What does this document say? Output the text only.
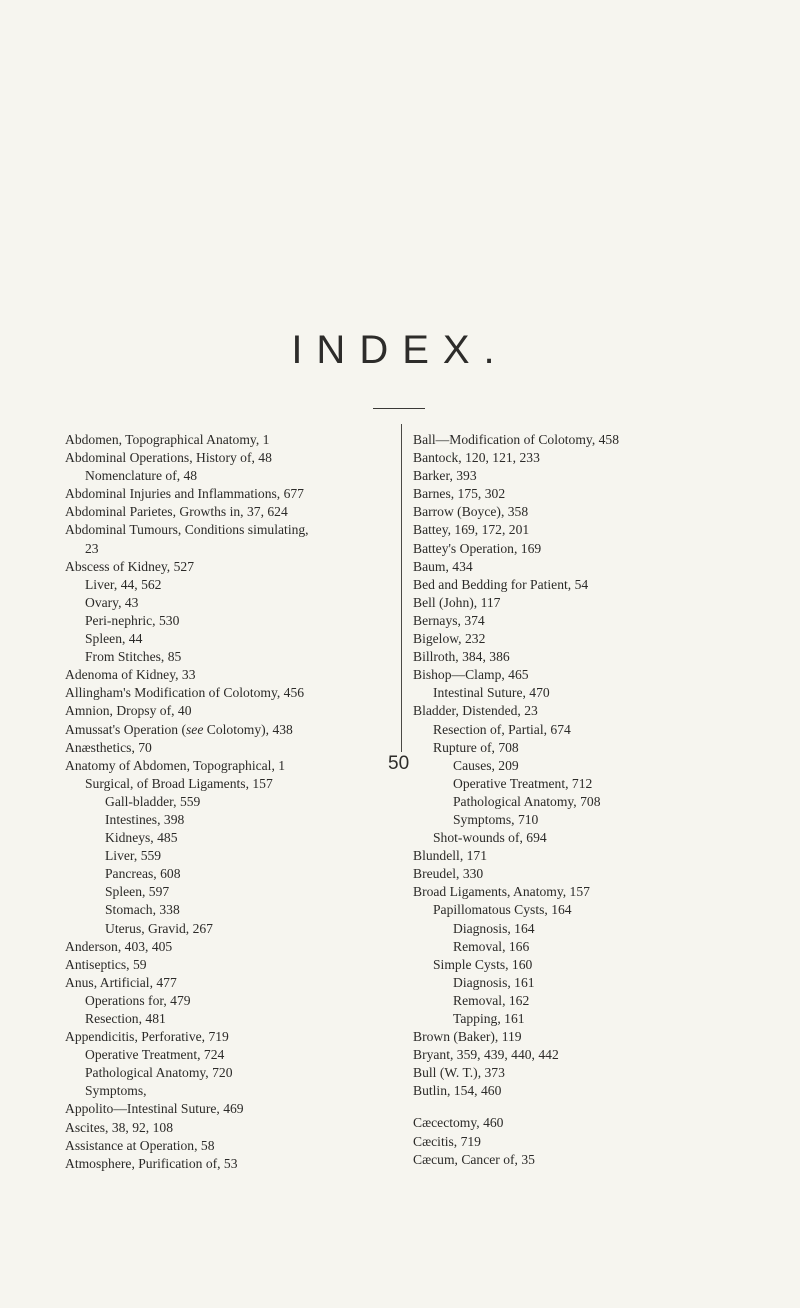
INDEX.
Abdomen, Topographical Anatomy, 1
Abdominal Operations, History of, 48
Nomenclature of, 48
Abdominal Injuries and Inflammations, 677
Abdominal Parietes, Growths in, 37, 624
Abdominal Tumours, Conditions simulating,
23
Abscess of Kidney, 527
Liver, 44, 562
Ovary, 43
Peri-nephric, 530
Spleen, 44
From Stitches, 85
Adenoma of Kidney, 33
Allingham's Modification of Colotomy, 456
Amnion, Dropsy of, 40
Amussat's Operation (see Colotomy), 438
Anæsthetics, 70
Anatomy of Abdomen, Topographical, 1
Surgical, of Broad Ligaments, 157
Gall-bladder, 559
Intestines, 398
Kidneys, 485
Liver, 559
Pancreas, 608
Spleen, 597
Stomach, 338
Uterus, Gravid, 267
Anderson, 403, 405
Antiseptics, 59
Anus, Artificial, 477
Operations for, 479
Resection, 481
Appendicitis, Perforative, 719
Operative Treatment, 724
Pathological Anatomy, 720
Symptoms,
Appolito—Intestinal Suture, 469
Ascites, 38, 92, 108
Assistance at Operation, 58
Atmosphere, Purification of, 53
Ball—Modification of Colotomy, 458
Bantock, 120, 121, 233
Barker, 393
Barnes, 175, 302
Barrow (Boyce), 358
Battey, 169, 172, 201
Battey's Operation, 169
Baum, 434
Bed and Bedding for Patient, 54
Bell (John), 117
Bernays, 374
Bigelow, 232
Billroth, 384, 386
Bishop—Clamp, 465
Intestinal Suture, 470
Bladder, Distended, 23
Resection of, Partial, 674
Rupture of, 708
Causes, 209
Operative Treatment, 712
Pathological Anatomy, 708
Symptoms, 710
Shot-wounds of, 694
Blundell, 171
Breudel, 330
Broad Ligaments, Anatomy, 157
Papillomatous Cysts, 164
Diagnosis, 164
Removal, 166
Simple Cysts, 160
Diagnosis, 161
Removal, 162
Tapping, 161
Brown (Baker), 119
Bryant, 359, 439, 440, 442
Bull (W. T.), 373
Butlin, 154, 460
Cæcectomy, 460
Cæcitis, 719
Cæcum, Cancer of, 35
50
